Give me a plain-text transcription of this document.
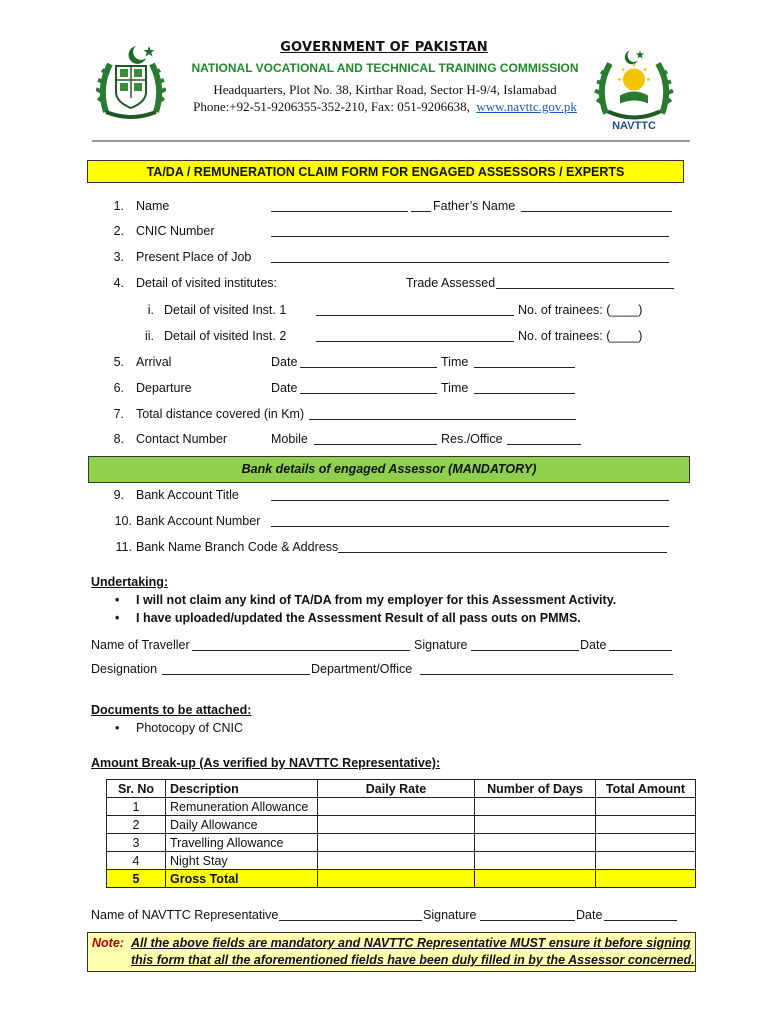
GOVERNMENT OF PAKISTAN
NATIONAL VOCATIONAL AND TECHNICAL TRAINING COMMISSION
Headquarters, Plot No. 38, Kirthar Road, Sector H-9/4, Islamabad
Phone:+92-51-9206355-352-210, Fax: 051-9206638, www.navttc.gov.pk
NAVTTC
TA/DA / REMUNERATION CLAIM FORM FOR ENGAGED ASSESSORS / EXPERTS
1. Name	Father’s Name
2. CNIC Number
3. Present Place of Job
4. Detail of visited institutes:	Trade Assessed
i. Detail of visited Inst. 1	No. of trainees: (____)
ii. Detail of visited Inst. 2	No. of trainees: (____)
5. Arrival	Date	Time
6. Departure	Date	Time
7. Total distance covered (in Km)
8. Contact Number	Mobile	Res./Office
Bank details of engaged Assessor (MANDATORY)
9. Bank Account Title
10. Bank Account Number
11. Bank Name Branch Code & Address
Undertaking:
• I will not claim any kind of TA/DA from my employer for this Assessment Activity.
• I have uploaded/updated the Assessment Result of all pass outs on PMMS.
Name of Traveller	Signature	Date
Designation	Department/Office
Documents to be attached:
• Photocopy of CNIC
Amount Break-up (As verified by NAVTTC Representative):
Sr. No	Description	Daily Rate	Number of Days	Total Amount
1	Remuneration Allowance			
2	Daily Allowance			
3	Travelling Allowance			
4	Night Stay			
5	Gross Total			
Name of NAVTTC Representative	Signature	Date
Note: All the above fields are mandatory and NAVTTC Representative MUST ensure it before signing
this form that all the aforementioned fields have been duly filled in by the Assessor concerned.
